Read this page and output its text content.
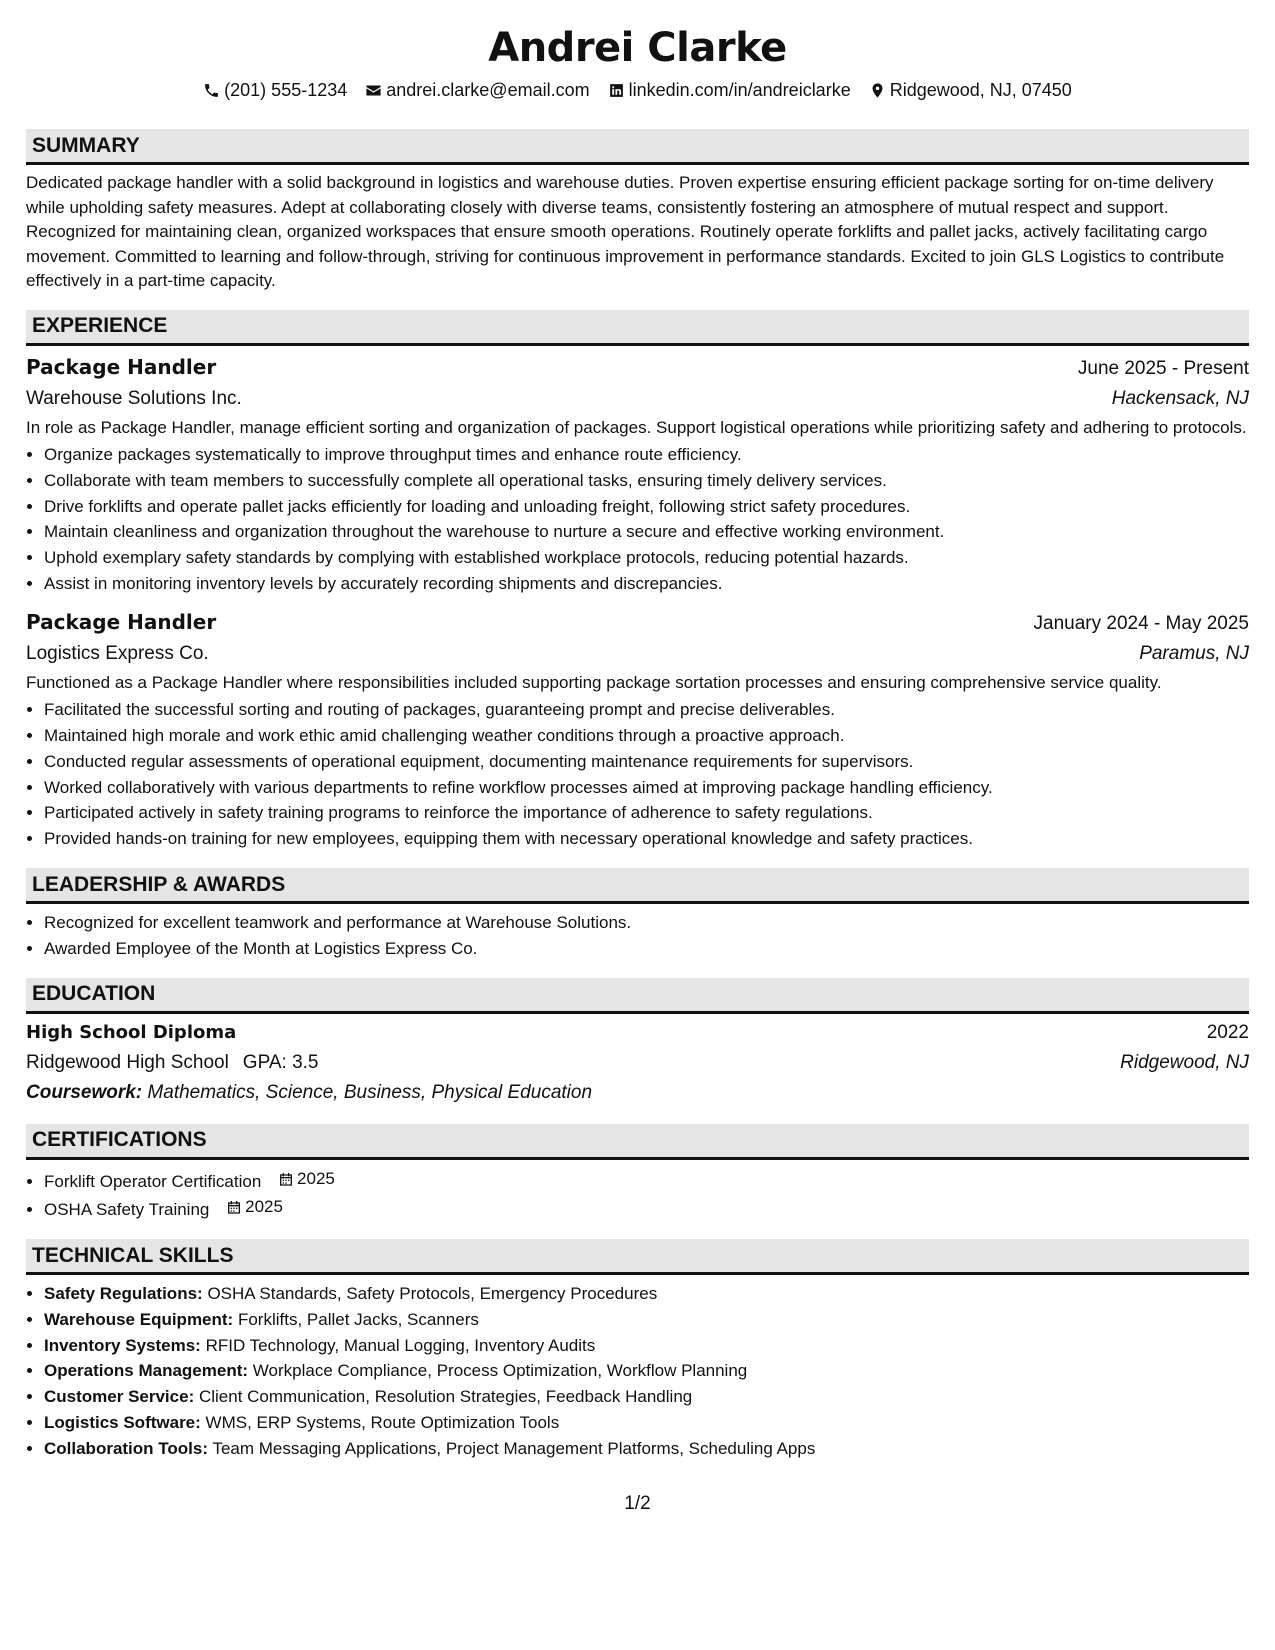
Andrei Clarke
(201) 555-1234 andrei.clarke@email.com linkedin.com/in/andreiclarke Ridgewood, NJ, 07450
SUMMARY

Dedicated package handler with a solid background in logistics and warehouse duties. Proven expertise ensuring efficient package sorting for on-time delivery while upholding safety measures. Adept at collaborating closely with diverse teams, consistently fostering an atmosphere of mutual respect and support. Recognized for maintaining clean, organized workspaces that ensure smooth operations. Routinely operate forklifts and pallet jacks, actively facilitating cargo movement. Committed to learning and follow-through, striving for continuous improvement in performance standards. Excited to join GLS Logistics to contribute effectively in a part-time capacity.

EXPERIENCE
Package Handler	June 2025 - Present
Warehouse Solutions Inc.	Hackensack, NJ

In role as Package Handler, manage efficient sorting and organization of packages. Support logistical operations while prioritizing safety and adhering to protocols.

• Organize packages systematically to improve throughput times and enhance route efficiency.
• Collaborate with team members to successfully complete all operational tasks, ensuring timely delivery services.
• Drive forklifts and operate pallet jacks efficiently for loading and unloading freight, following strict safety procedures.
• Maintain cleanliness and organization throughout the warehouse to nurture a secure and effective working environment.
• Uphold exemplary safety standards by complying with established workplace protocols, reducing potential hazards.
• Assist in monitoring inventory levels by accurately recording shipments and discrepancies.
Package Handler	January 2024 - May 2025
Logistics Express Co.	Paramus, NJ

Functioned as a Package Handler where responsibilities included supporting package sortation processes and ensuring comprehensive service quality.

• Facilitated the successful sorting and routing of packages, guaranteeing prompt and precise deliverables.
• Maintained high morale and work ethic amid challenging weather conditions through a proactive approach.
• Conducted regular assessments of operational equipment, documenting maintenance requirements for supervisors.
• Worked collaboratively with various departments to refine workflow processes aimed at improving package handling efficiency.
• Participated actively in safety training programs to reinforce the importance of adherence to safety regulations.
• Provided hands-on training for new employees, equipping them with necessary operational knowledge and safety practices.
LEADERSHIP & AWARDS
• Recognized for excellent teamwork and performance at Warehouse Solutions.
• Awarded Employee of the Month at Logistics Express Co.
EDUCATION
High School Diploma	2022
Ridgewood High School GPA: 3.5	Ridgewood, NJ
Coursework: Mathematics, Science, Business, Physical Education
CERTIFICATIONS
• Forklift Operator Certification 2025
• OSHA Safety Training 2025
TECHNICAL SKILLS
• Safety Regulations: OSHA Standards, Safety Protocols, Emergency Procedures
• Warehouse Equipment: Forklifts, Pallet Jacks, Scanners
• Inventory Systems: RFID Technology, Manual Logging, Inventory Audits
• Operations Management: Workplace Compliance, Process Optimization, Workflow Planning
• Customer Service: Client Communication, Resolution Strategies, Feedback Handling
• Logistics Software: WMS, ERP Systems, Route Optimization Tools
• Collaboration Tools: Team Messaging Applications, Project Management Platforms, Scheduling Apps
1/2
